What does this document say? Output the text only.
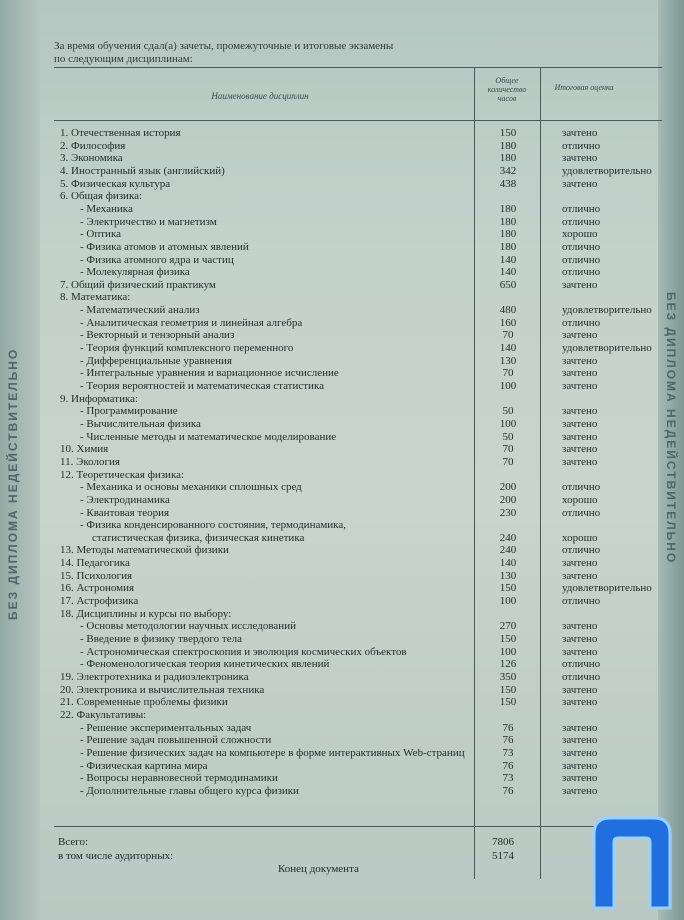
БЕЗ ДИПЛОМА НЕДЕЙСТВИТЕЛЬНО	БЕЗ ДИПЛОМА НЕДЕЙСТВИТЕЛЬНО
За время обучения сдал(а) зачеты, промежуточные и итоговые экзамены
по следующим дисциплинам:
Наименование дисциплин
Общее количество часов
Итоговая оценка
1. Отечественная история	150	зачтено
2. Философия	180	отлично
3. Экономика	180	зачтено
4. Иностранный язык (английский)	342	удовлетворительно
5. Физическая культура	438	зачтено
6. Общая физика:
- Механика	180	отлично
- Электричество и магнетизм	180	отлично
- Оптика	180	хорошо
- Физика атомов и атомных явлений	180	отлично
- Физика атомного ядра и частиц	140	отлично
- Молекулярная физика	140	отлично
7. Общий физический практикум	650	зачтено
8. Математика:
- Математический анализ	480	удовлетворительно
- Аналитическая геометрия и линейная алгебра	160	отлично
- Векторный и тензорный анализ	70	зачтено
- Теория функций комплексного переменного	140	удовлетворительно
- Дифференциальные уравнения	130	зачтено
- Интегральные уравнения и вариационное исчисление	70	зачтено
- Теория вероятностей и математическая статистика	100	зачтено
9. Информатика:
- Программирование	50	зачтено
- Вычислительная физика	100	зачтено
- Численные методы и математическое моделирование	50	зачтено
10. Химия	70	зачтено
11. Экология	70	зачтено
12. Теоретическая физика:
- Механика и основы механики сплошных сред	200	отлично
- Электродинамика	200	хорошо
- Квантовая теория	230	отлично
- Физика конденсированного состояния, термодинамика,
статистическая физика, физическая кинетика	240	хорошо
13. Методы математической физики	240	отлично
14. Педагогика	140	зачтено
15. Психология	130	зачтено
16. Астрономия	150	удовлетворительно
17. Астрофизика	100	отлично
18. Дисциплины и курсы по выбору:
- Основы методологии научных исследований	270	зачтено
- Введение в физику твердого тела	150	зачтено
- Астрономическая спектроскопия и эволюция космических объектов	100	зачтено
- Феноменологическая теория кинетических явлений	126	отлично
19. Электротехника и радиоэлектроника	350	отлично
20. Электроника и вычислительная техника	150	зачтено
21. Современные проблемы физики	150	зачтено
22. Факультативы:
- Решение экспериментальных задач	76	зачтено
- Решение задач повышенной сложности	76	зачтено
- Решение физических задач на компьютере в форме интерактивных Web-страниц	73	зачтено
- Физическая картина мира	76	зачтено
- Вопросы неравновесной термодинамики	73	зачтено
- Дополнительные главы общего курса физики	76	зачтено
Всего:	7806
в том числе аудиторных:	5174
Конец документа
